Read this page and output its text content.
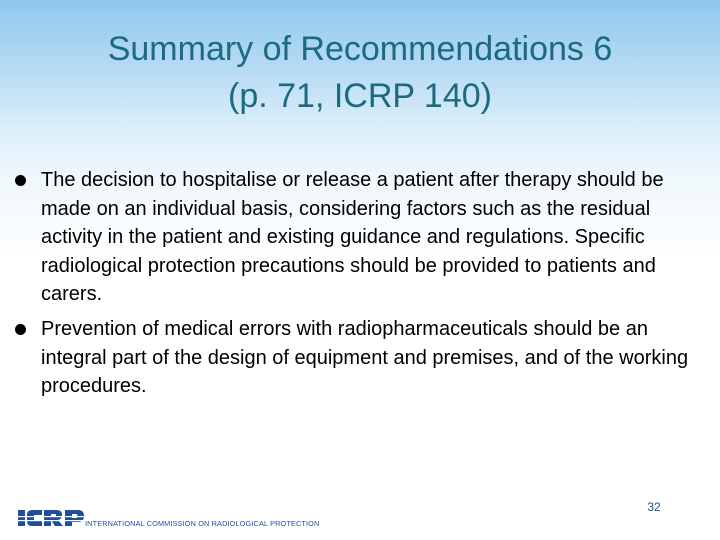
Summary of Recommendations 6
(p. 71, ICRP 140)
The decision to hospitalise or release a patient after therapy should be made on an individual basis, considering factors such as the residual activity in the patient and existing guidance and regulations. Specific radiological protection precautions should be provided to patients and carers.
Prevention of medical errors with radiopharmaceuticals should be an integral part of the design of equipment and premises, and of the working procedures.
32
INTERNATIONAL COMMISSION ON RADIOLOGICAL PROTECTION
